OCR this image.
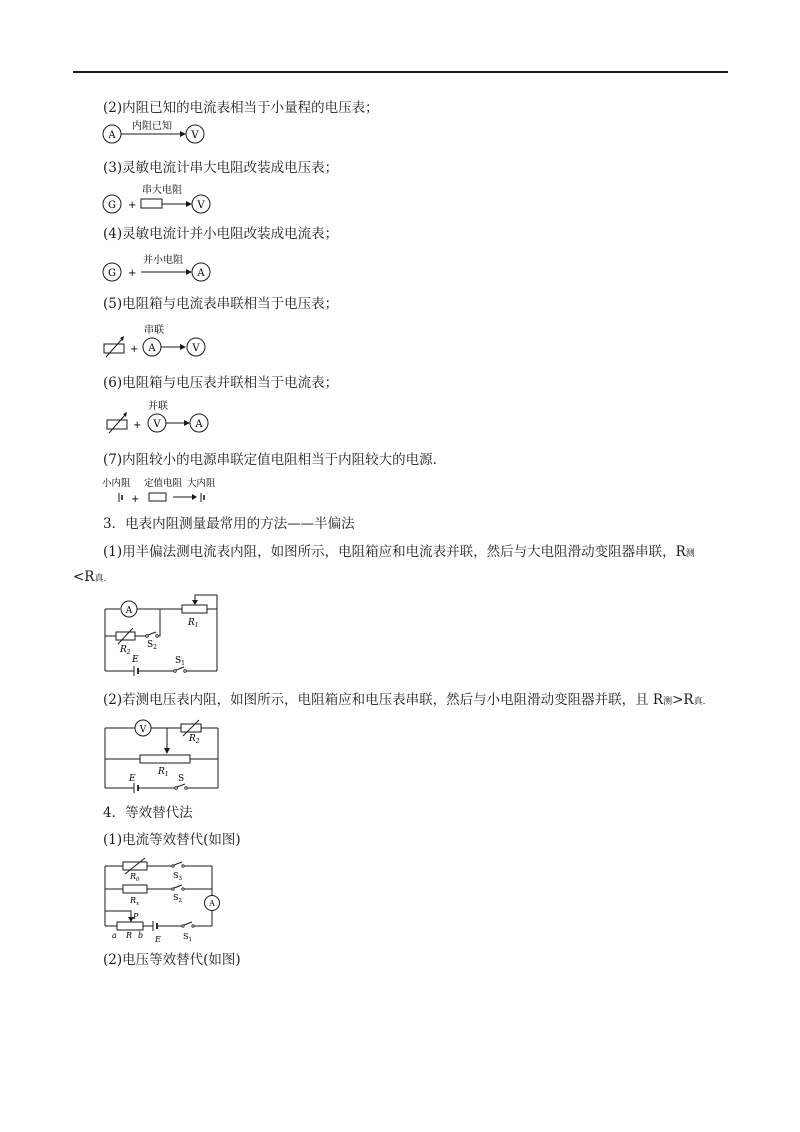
(2)内阻已知的电流表相当于小量程的电压表；
A	V
内阻已知
(3)灵敏电流计串大电阻改装成电压表；
G +	V
串大电阻
(4)灵敏电流计并小电阻改装成电流表；
G +	A
并小电阻
(5)电阻箱与电流表串联相当于电压表；
+ A	V
串联
(6)电阻箱与电压表并联相当于电流表；
+ V	A
并联
(7)内阻较小的电源串联定值电阻相当于内阻较大的电源.
小内阻 定值电阻 大内阻
+
3．电表内阻测量最常用的方法——半偏法
(1)用半偏法测电流表内阻，如图所示，电阻箱应和电流表并联，然后与大电阻滑动变阻器串联，R测
<R真.
A
$R_1$
$R_2$
$S_2$
E	$S_1$
(2)若测电压表内阻，如图所示，电阻箱应和电压表串联，然后与小电阻滑动变阻器并联，且 R测>R真.
V
$R_2$
$R_1$
E	S
4．等效替代法
(1)电流等效替代(如图)
$R_0$	$S_3$
$R_x$
$S_2$	A
P
a R b E	$S_1$
(2)电压等效替代(如图)
